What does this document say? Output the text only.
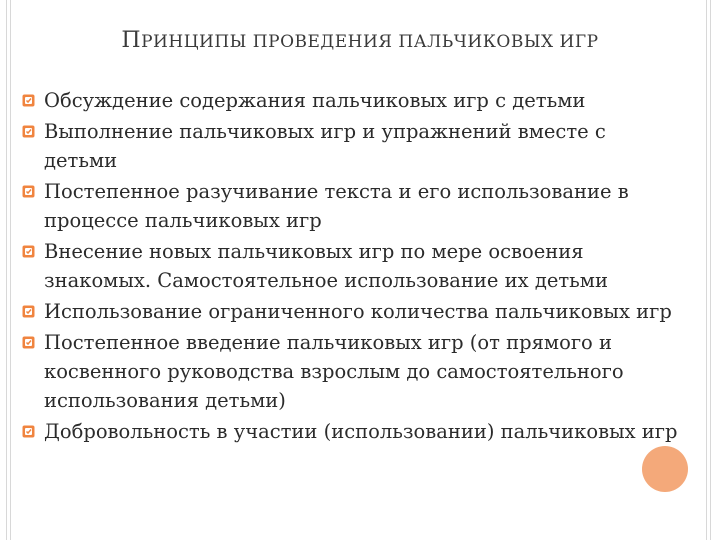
ПРИНЦИПЫ ПРОВЕДЕНИЯ ПАЛЬЧИКОВЫХ ИГР
Обсуждение содержания пальчиковых игр с детьми
Выполнение пальчиковых игр и упражнений вместе с детьми
Постепенное разучивание текста и его использование в процессе пальчиковых игр
Внесение новых пальчиковых игр по мере освоения знакомых. Самостоятельное использование их детьми
Использование ограниченного количества пальчиковых игр
Постепенное введение пальчиковых игр (от прямого и косвенного руководства взрослым до самостоятельного использования детьми)
Добровольность в участии (использовании) пальчиковых игр
